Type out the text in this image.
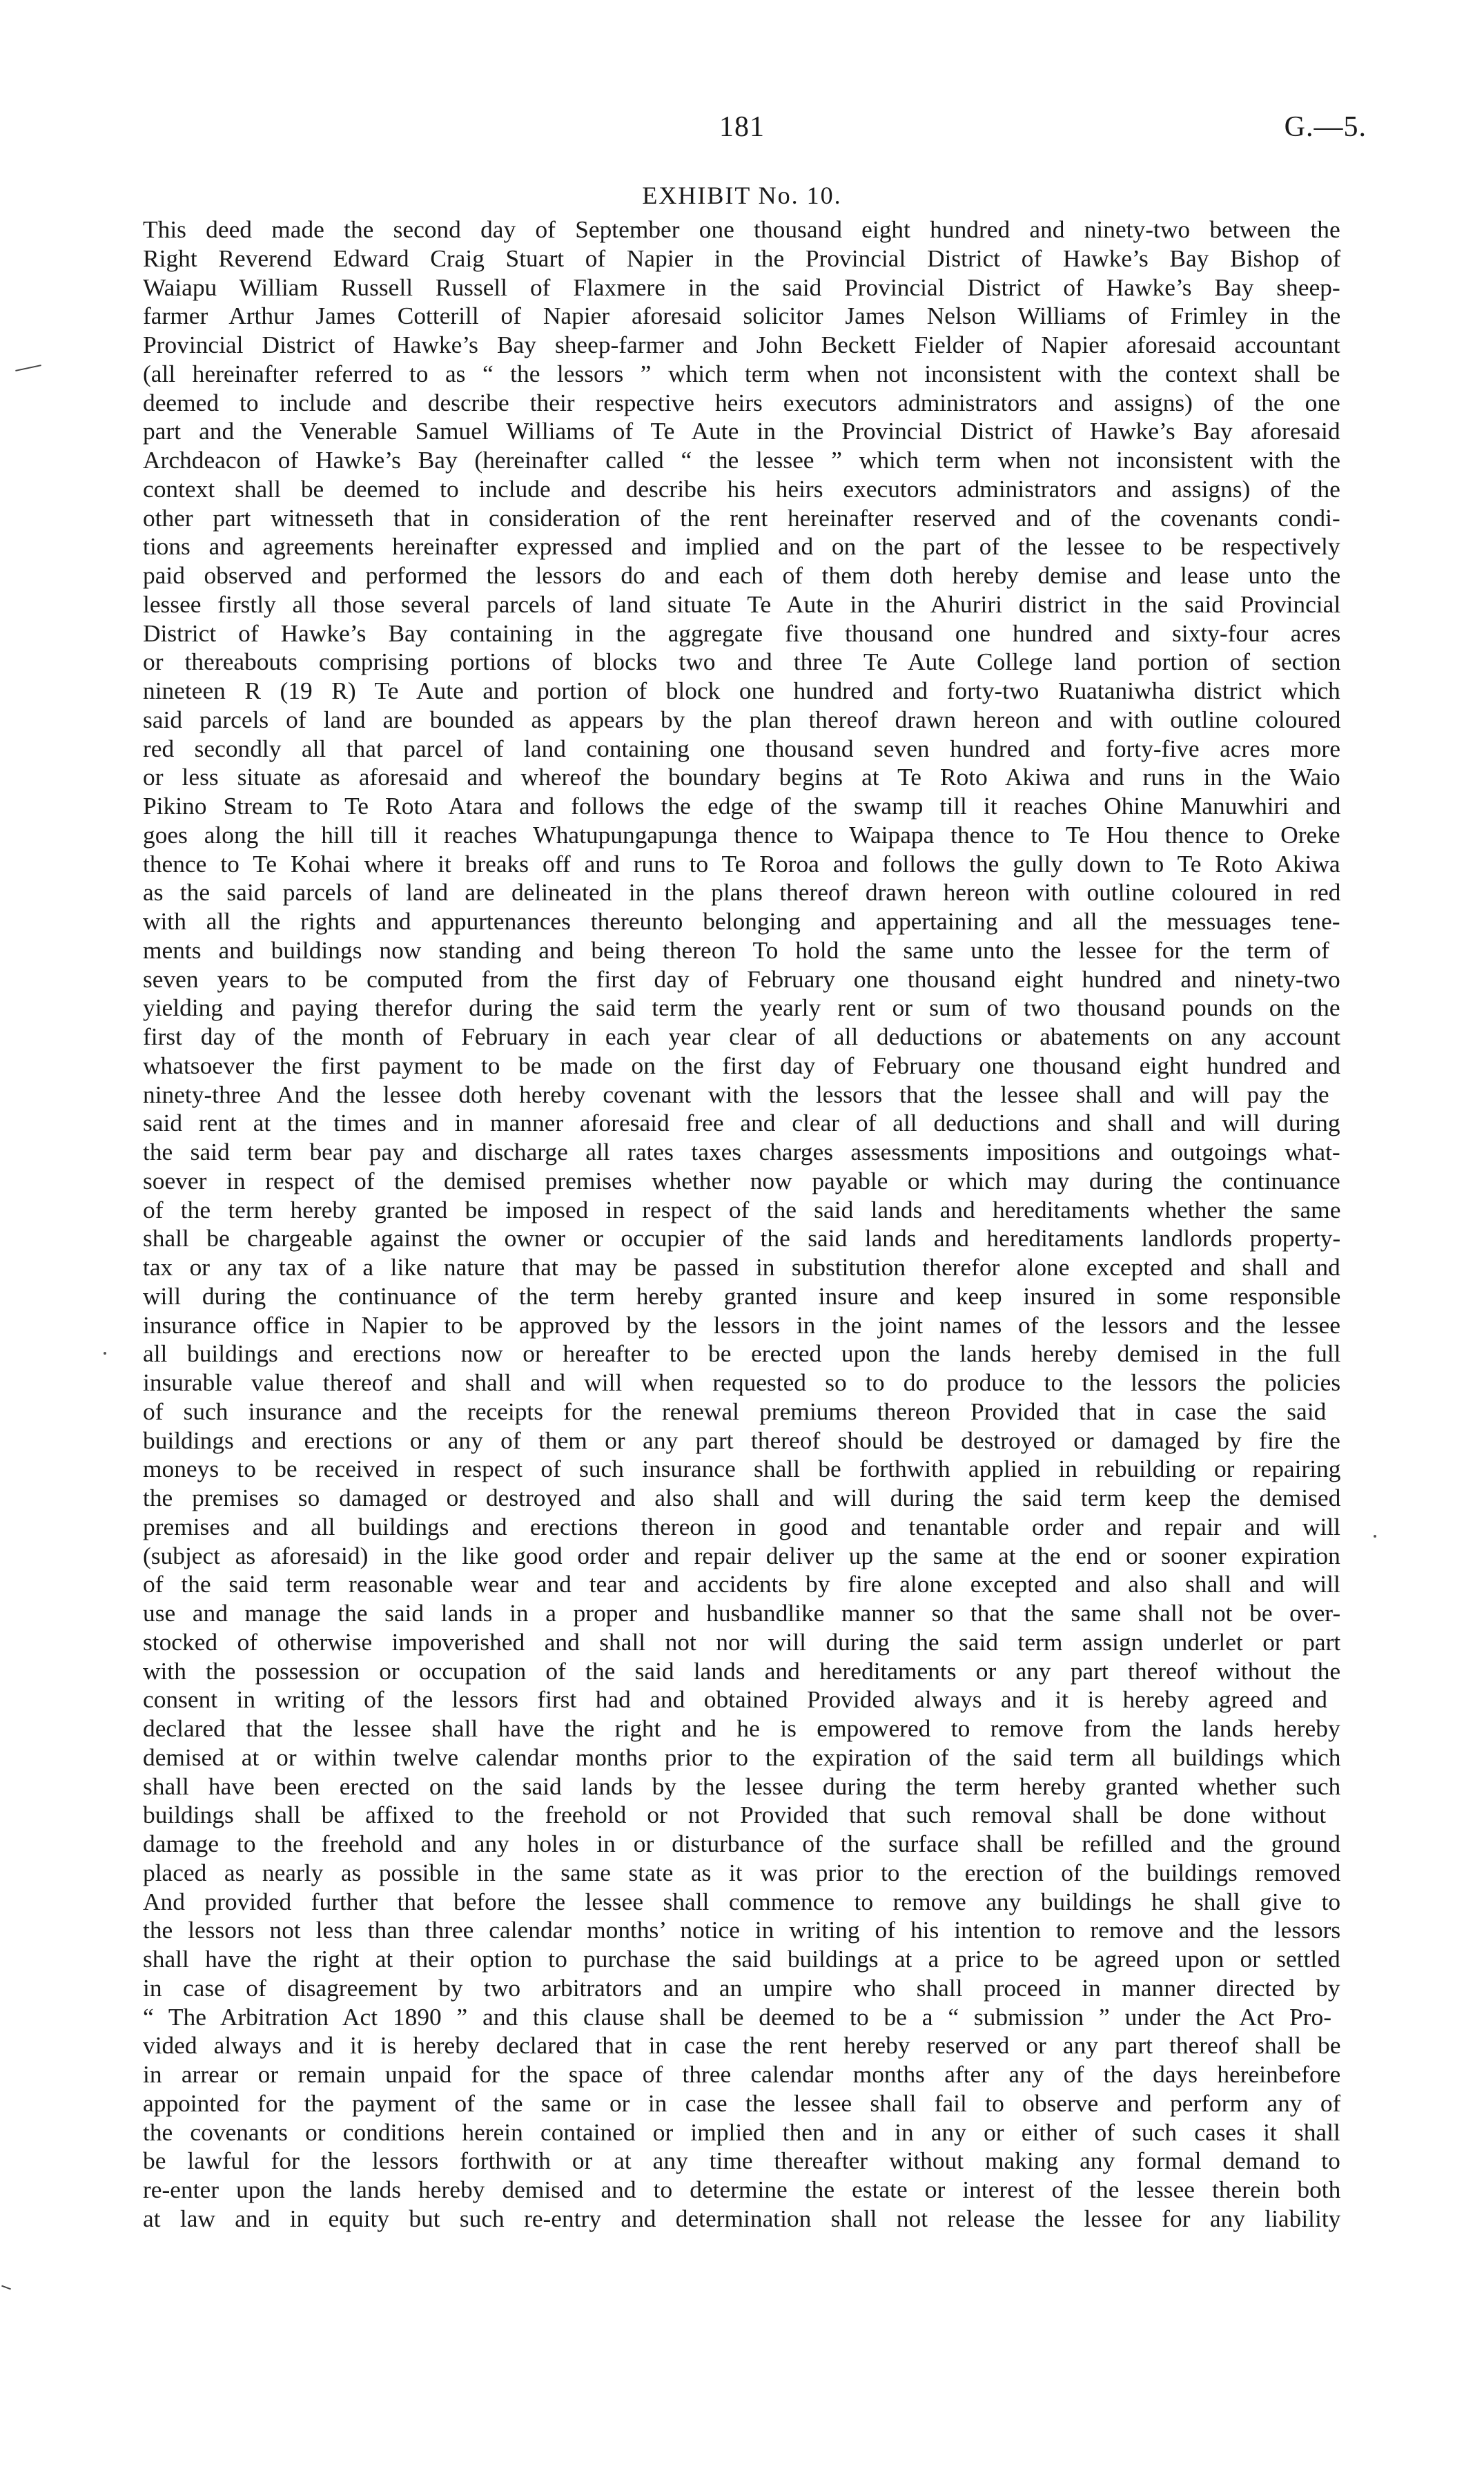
181	G.—5.
EXHIBIT No. 10.
This deed made the second day of September one thousand eight hundred and ninety-two between the
Right Reverend Edward Craig Stuart of Napier in the Provincial District of Hawke’s Bay Bishop of
Waiapu William Russell Russell of Flaxmere in the said Provincial District of Hawke’s Bay sheep-
farmer Arthur James Cotterill of Napier aforesaid solicitor James Nelson Williams of Frimley in the
Provincial District of Hawke’s Bay sheep-farmer and John Beckett Fielder of Napier aforesaid accountant
(all hereinafter referred to as “ the lessors ” which term when not inconsistent with the context shall be
deemed to include and describe their respective heirs executors administrators and assigns) of the one
part and the Venerable Samuel Williams of Te Aute in the Provincial District of Hawke’s Bay aforesaid
Archdeacon of Hawke’s Bay (hereinafter called “ the lessee ” which term when not inconsistent with the
context shall be deemed to include and describe his heirs executors administrators and assigns) of the
other part witnesseth that in consideration of the rent hereinafter reserved and of the covenants condi-
tions and agreements hereinafter expressed and implied and on the part of the lessee to be respectively
paid observed and performed the lessors do and each of them doth hereby demise and lease unto the
lessee firstly all those several parcels of land situate Te Aute in the Ahuriri district in the said Provincial
District of Hawke’s Bay containing in the aggregate five thousand one hundred and sixty-four acres
or thereabouts comprising portions of blocks two and three Te Aute College land portion of section
nineteen R (19 R) Te Aute and portion of block one hundred and forty-two Ruataniwha district which
said parcels of land are bounded as appears by the plan thereof drawn hereon and with outline coloured
red secondly all that parcel of land containing one thousand seven hundred and forty-five acres more
or less situate as aforesaid and whereof the boundary begins at Te Roto Akiwa and runs in the Waio
Pikino Stream to Te Roto Atara and follows the edge of the swamp till it reaches Ohine Manuwhiri and
goes along the hill till it reaches Whatupungapunga thence to Waipapa thence to Te Hou thence to Oreke
thence to Te Kohai where it breaks off and runs to Te Roroa and follows the gully down to Te Roto Akiwa
as the said parcels of land are delineated in the plans thereof drawn hereon with outline coloured in red
with all the rights and appurtenances thereunto belonging and appertaining and all the messuages tene-
ments and buildings now standing and being thereon To hold the same unto the lessee for the term of
seven years to be computed from the first day of February one thousand eight hundred and ninety-two
yielding and paying therefor during the said term the yearly rent or sum of two thousand pounds on the
first day of the month of February in each year clear of all deductions or abatements on any account
whatsoever the first payment to be made on the first day of February one thousand eight hundred and
ninety-three And the lessee doth hereby covenant with the lessors that the lessee shall and will pay the
said rent at the times and in manner aforesaid free and clear of all deductions and shall and will during
the said term bear pay and discharge all rates taxes charges assessments impositions and outgoings what-
soever in respect of the demised premises whether now payable or which may during the continuance
of the term hereby granted be imposed in respect of the said lands and hereditaments whether the same
shall be chargeable against the owner or occupier of the said lands and hereditaments landlords property-
tax or any tax of a like nature that may be passed in substitution therefor alone excepted and shall and
will during the continuance of the term hereby granted insure and keep insured in some responsible
insurance office in Napier to be approved by the lessors in the joint names of the lessors and the lessee
all buildings and erections now or hereafter to be erected upon the lands hereby demised in the full
insurable value thereof and shall and will when requested so to do produce to the lessors the policies
of such insurance and the receipts for the renewal premiums thereon Provided that in case the said
buildings and erections or any of them or any part thereof should be destroyed or damaged by fire the
moneys to be received in respect of such insurance shall be forthwith applied in rebuilding or repairing
the premises so damaged or destroyed and also shall and will during the said term keep the demised
premises and all buildings and erections thereon in good and tenantable order and repair and will
(subject as aforesaid) in the like good order and repair deliver up the same at the end or sooner expiration
of the said term reasonable wear and tear and accidents by fire alone excepted and also shall and will
use and manage the said lands in a proper and husbandlike manner so that the same shall not be over-
stocked of otherwise impoverished and shall not nor will during the said term assign underlet or part
with the possession or occupation of the said lands and hereditaments or any part thereof without the
consent in writing of the lessors first had and obtained Provided always and it is hereby agreed and
declared that the lessee shall have the right and he is empowered to remove from the lands hereby
demised at or within twelve calendar months prior to the expiration of the said term all buildings which
shall have been erected on the said lands by the lessee during the term hereby granted whether such
buildings shall be affixed to the freehold or not Provided that such removal shall be done without
damage to the freehold and any holes in or disturbance of the surface shall be refilled and the ground
placed as nearly as possible in the same state as it was prior to the erection of the buildings removed
And provided further that before the lessee shall commence to remove any buildings he shall give to
the lessors not less than three calendar months’ notice in writing of his intention to remove and the lessors
shall have the right at their option to purchase the said buildings at a price to be agreed upon or settled
in case of disagreement by two arbitrators and an umpire who shall proceed in manner directed by
“ The Arbitration Act 1890 ” and this clause shall be deemed to be a “ submission ” under the Act Pro-
vided always and it is hereby declared that in case the rent hereby reserved or any part thereof shall be
in arrear or remain unpaid for the space of three calendar months after any of the days hereinbefore
appointed for the payment of the same or in case the lessee shall fail to observe and perform any of
the covenants or conditions herein contained or implied then and in any or either of such cases it shall
be lawful for the lessors forthwith or at any time thereafter without making any formal demand to
re-enter upon the lands hereby demised and to determine the estate or interest of the lessee therein both
at law and in equity but such re-entry and determination shall not release the lessee for any liability
